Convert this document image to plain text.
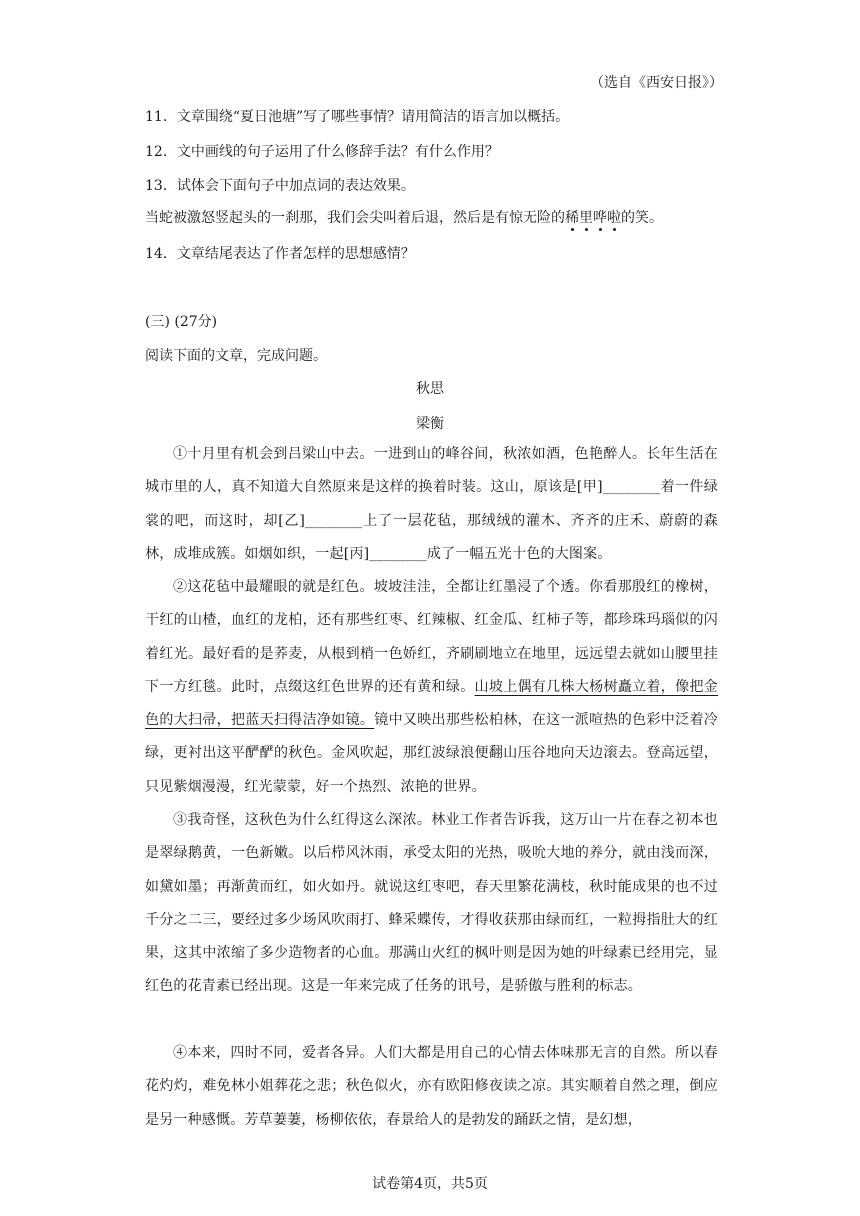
（选自《西安日报》）
11．文章围绕“夏日池塘”写了哪些事情？请用简洁的语言加以概括。
12．文中画线的句子运用了什么修辞手法？有什么作用？
13．试体会下面句子中加点词的表达效果。
当蛇被激怒竖起头的一刹那，我们会尖叫着后退，然后是有惊无险的稀里哗啦的笑。
14．文章结尾表达了作者怎样的思想感情？
(三) (27分)
阅读下面的文章，完成问题。
秋思
梁衡
①十月里有机会到吕梁山中去。一进到山的峰谷间，秋浓如酒，色艳醉人。长年生活在城市里的人，真不知道大自然原来是这样的换着时装。这山，原该是[甲]________着一件绿裳的吧，而这时，却[乙]________上了一层花毡，那绒绒的灌木、齐齐的庄禾、蔚蔚的森林，成堆成簇。如烟如织，一起[丙]________成了一幅五光十色的大图案。
②这花毡中最耀眼的就是红色。坡坡洼洼，全都让红墨浸了个透。你看那殷红的橡树，干红的山楂，血红的龙柏，还有那些红枣、红辣椒、红金瓜、红柿子等，都珍珠玛瑙似的闪着红光。最好看的是荞麦，从根到梢一色娇红，齐刷刷地立在地里，远远望去就如山腰里挂下一方红毯。此时，点缀这红色世界的还有黄和绿。山坡上偶有几株大杨树矗立着，像把金色的大扫帚，把蓝天扫得洁净如镜。镜中又映出那些松柏林，在这一派喧热的色彩中泛着冷绿，更衬出这平酽酽的秋色。金风吹起，那红波绿浪便翻山压谷地向天边滚去。登高远望，只见紫烟漫漫，红光蒙蒙，好一个热烈、浓艳的世界。
③我奇怪，这秋色为什么红得这么深浓。林业工作者告诉我，这万山一片在春之初本也是翠绿鹅黄，一色新嫩。以后栉风沐雨，承受太阳的光热，吸吮大地的养分，就由浅而深，如黛如墨；再渐黄而红，如火如丹。就说这红枣吧，春天里繁花满枝，秋时能成果的也不过千分之二三，要经过多少场风吹雨打、蜂采蝶传，才得收获那由绿而红，一粒拇指肚大的红果，这其中浓缩了多少造物者的心血。那满山火红的枫叶则是因为她的叶绿素已经用完，显红色的花青素已经出现。这是一年来完成了任务的讯号，是骄傲与胜利的标志。
④本来，四时不同，爱者各异。人们大都是用自己的心情去体味那无言的自然。所以春花灼灼，难免林小姐葬花之悲；秋色似火，亦有欧阳修夜读之凉。其实顺着自然之理，倒应是另一种感慨。芳草萋萋，杨柳依依，春景给人的是勃发的踊跃之情，是幻想，
试卷第4页，共5页
